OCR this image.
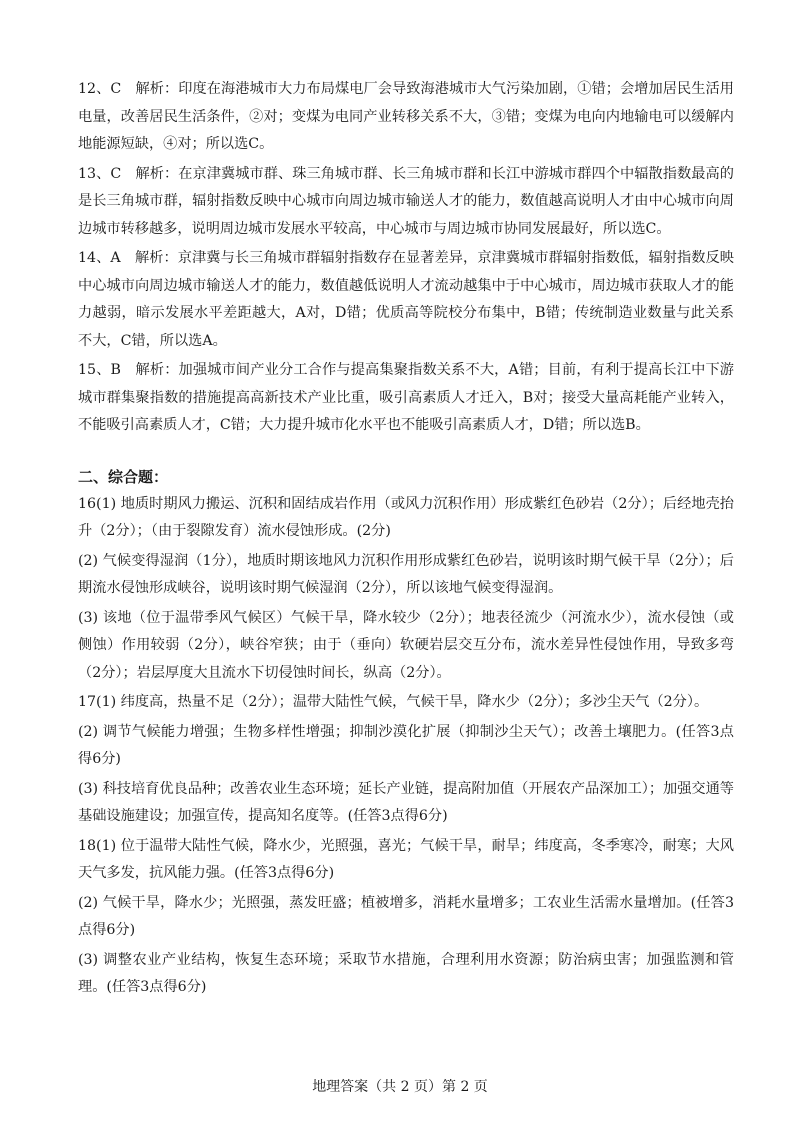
12、C　解析：印度在海港城市大力布局煤电厂会导致海港城市大气污染加剧，①错；会增加居民生活用电量，改善居民生活条件，②对；变煤为电同产业转移关系不大，③错；变煤为电向内地输电可以缓解内地能源短缺，④对；所以选C。

13、C　解析：在京津冀城市群、珠三角城市群、长三角城市群和长江中游城市群四个中辐散指数最高的是长三角城市群，辐射指数反映中心城市向周边城市输送人才的能力，数值越高说明人才由中心城市向周边城市转移越多，说明周边城市发展水平较高，中心城市与周边城市协同发展最好，所以选C。

14、A　解析：京津冀与长三角城市群辐射指数存在显著差异，京津冀城市群辐射指数低，辐射指数反映中心城市向周边城市输送人才的能力，数值越低说明人才流动越集中于中心城市，周边城市获取人才的能力越弱，暗示发展水平差距越大，A对，D错；优质高等院校分布集中，B错；传统制造业数量与此关系不大，C错，所以选A。

15、B　解析：加强城市间产业分工合作与提高集聚指数关系不大，A错；目前，有利于提高长江中下游城市群集聚指数的措施提高高新技术产业比重，吸引高素质人才迁入，B对；接受大量高耗能产业转入，不能吸引高素质人才，C错；大力提升城市化水平也不能吸引高素质人才，D错；所以选B。

二、综合题：

16(1) 地质时期风力搬运、沉积和固结成岩作用（或风力沉积作用）形成紫红色砂岩（2分）；后经地壳抬升（2分）；（由于裂隙发育）流水侵蚀形成。(2分)

(2) 气候变得湿润（1分），地质时期该地风力沉积作用形成紫红色砂岩，说明该时期气候干旱（2分）；后期流水侵蚀形成峡谷，说明该时期气候湿润（2分），所以该地气候变得湿润。

(3) 该地（位于温带季风气候区）气候干旱，降水较少（2分）；地表径流少（河流水少），流水侵蚀（或侧蚀）作用较弱（2分），峡谷窄狭；由于（垂向）软硬岩层交互分布，流水差异性侵蚀作用，导致多弯（2分）；岩层厚度大且流水下切侵蚀时间长，纵高（2分）。

17(1) 纬度高，热量不足（2分）；温带大陆性气候，气候干旱，降水少（2分）；多沙尘天气（2分）。

(2) 调节气候能力增强；生物多样性增强；抑制沙漠化扩展（抑制沙尘天气）；改善土壤肥力。(任答3点得6分)

(3) 科技培育优良品种；改善农业生态环境；延长产业链，提高附加值（开展农产品深加工）；加强交通等基础设施建设；加强宣传，提高知名度等。(任答3点得6分)

18(1) 位于温带大陆性气候，降水少，光照强，喜光；气候干旱，耐旱；纬度高，冬季寒冷，耐寒；大风天气多发，抗风能力强。(任答3点得6分)

(2) 气候干旱，降水少；光照强，蒸发旺盛；植被增多，消耗水量增多；工农业生活需水量增加。(任答3点得6分)

(3) 调整农业产业结构，恢复生态环境；采取节水措施，合理利用水资源；防治病虫害；加强监测和管理。(任答3点得6分)

地理答案（共 2 页）第 2 页
